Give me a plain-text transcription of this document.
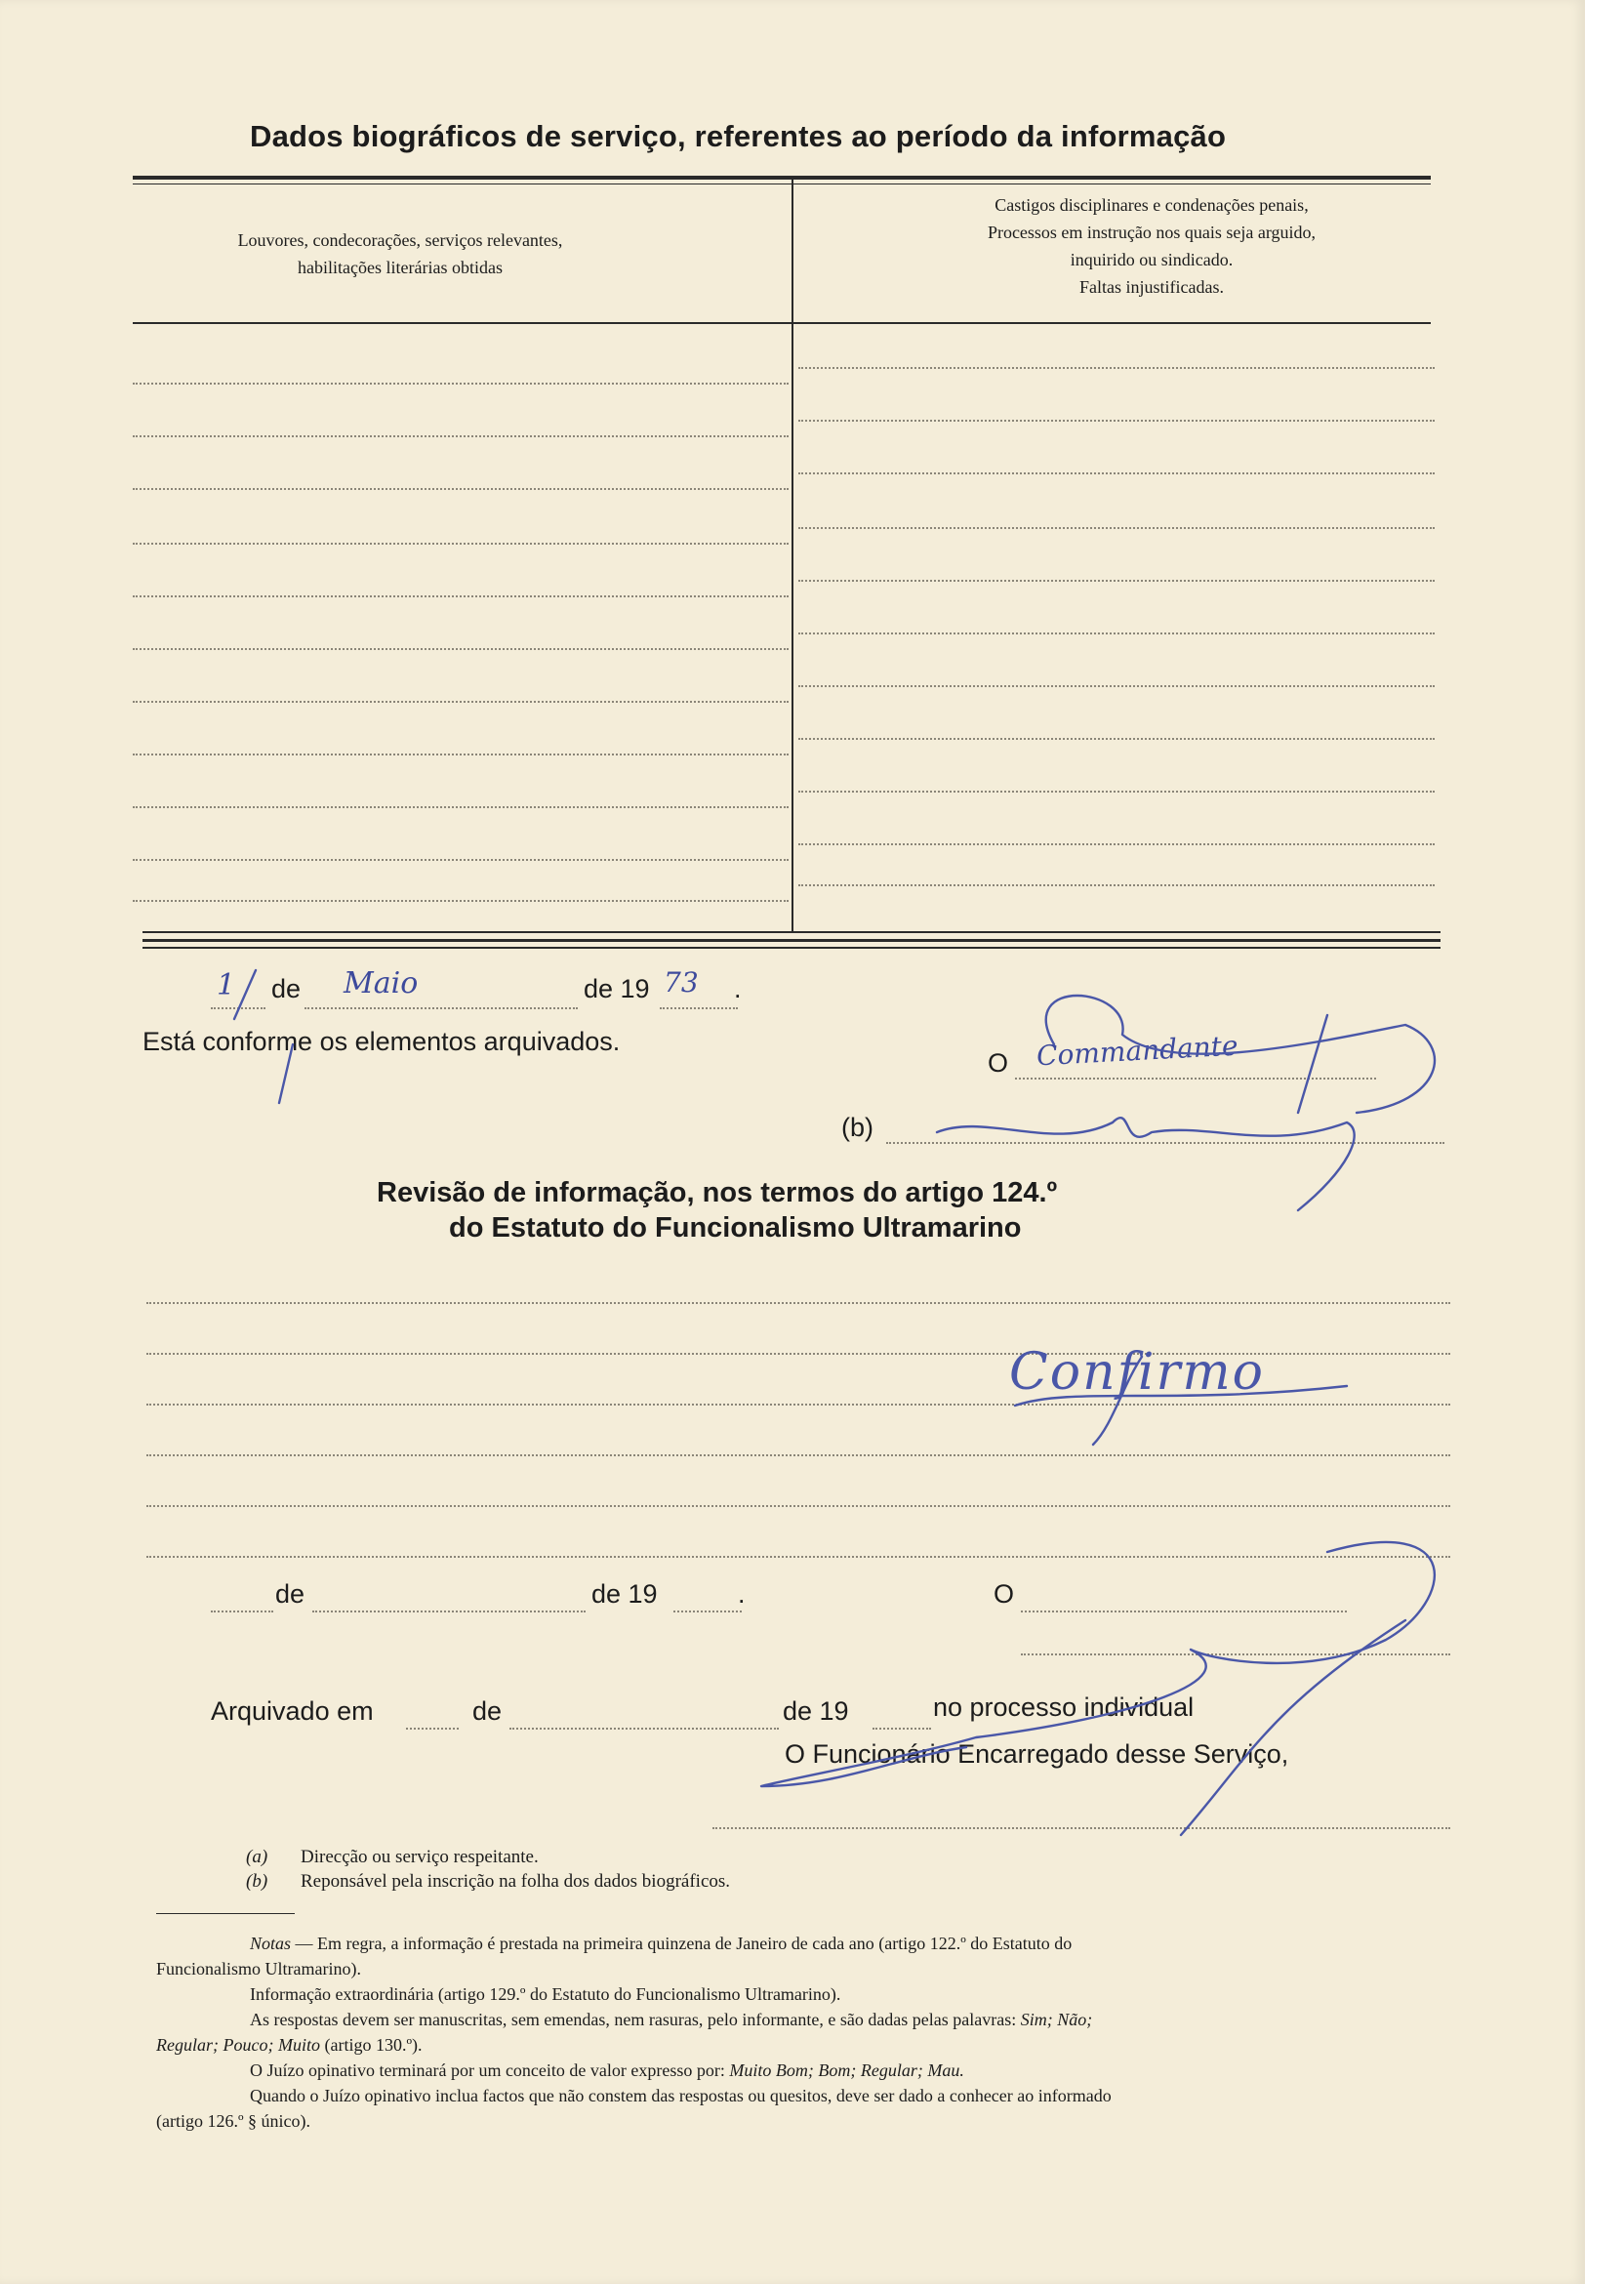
Dados biográficos de serviço, referentes ao período da informação
Louvores, condecorações, serviços relevantes,
habilitações literárias obtidas
Castigos disciplinares e condenações penais,
Processos em instrução nos quais seja arguido,
inquirido ou sindicado.
Faltas injustificadas.
1 de Maio	de 19 73 .
Está conforme os elementos arquivados.
O Commandante
(b)
Revisão de informação, nos termos do artigo 124.º
do Estatuto do Funcionalismo Ultramarino
Confirmo
de	de 19	.	O
Arquivado em	de	de 19	no processo individual
O Funcionário Encarregado desse Serviço,
(a) Direcção ou serviço respeitante.
(b) Reponsável pela inscrição na folha dos dados biográficos.
Notas — Em regra, a informação é prestada na primeira quinzena de Janeiro de cada ano (artigo 122.º do Estatuto do
Funcionalismo Ultramarino).
Informação extraordinária (artigo 129.º do Estatuto do Funcionalismo Ultramarino).
As respostas devem ser manuscritas, sem emendas, nem rasuras, pelo informante, e são dadas pelas palavras: Sim; Não;
Regular; Pouco; Muito (artigo 130.º).
O Juízo opinativo terminará por um conceito de valor expresso por: Muito Bom; Bom; Regular; Mau.
Quando o Juízo opinativo inclua factos que não constem das respostas ou quesitos, deve ser dado a conhecer ao informado
(artigo 126.º § único).
